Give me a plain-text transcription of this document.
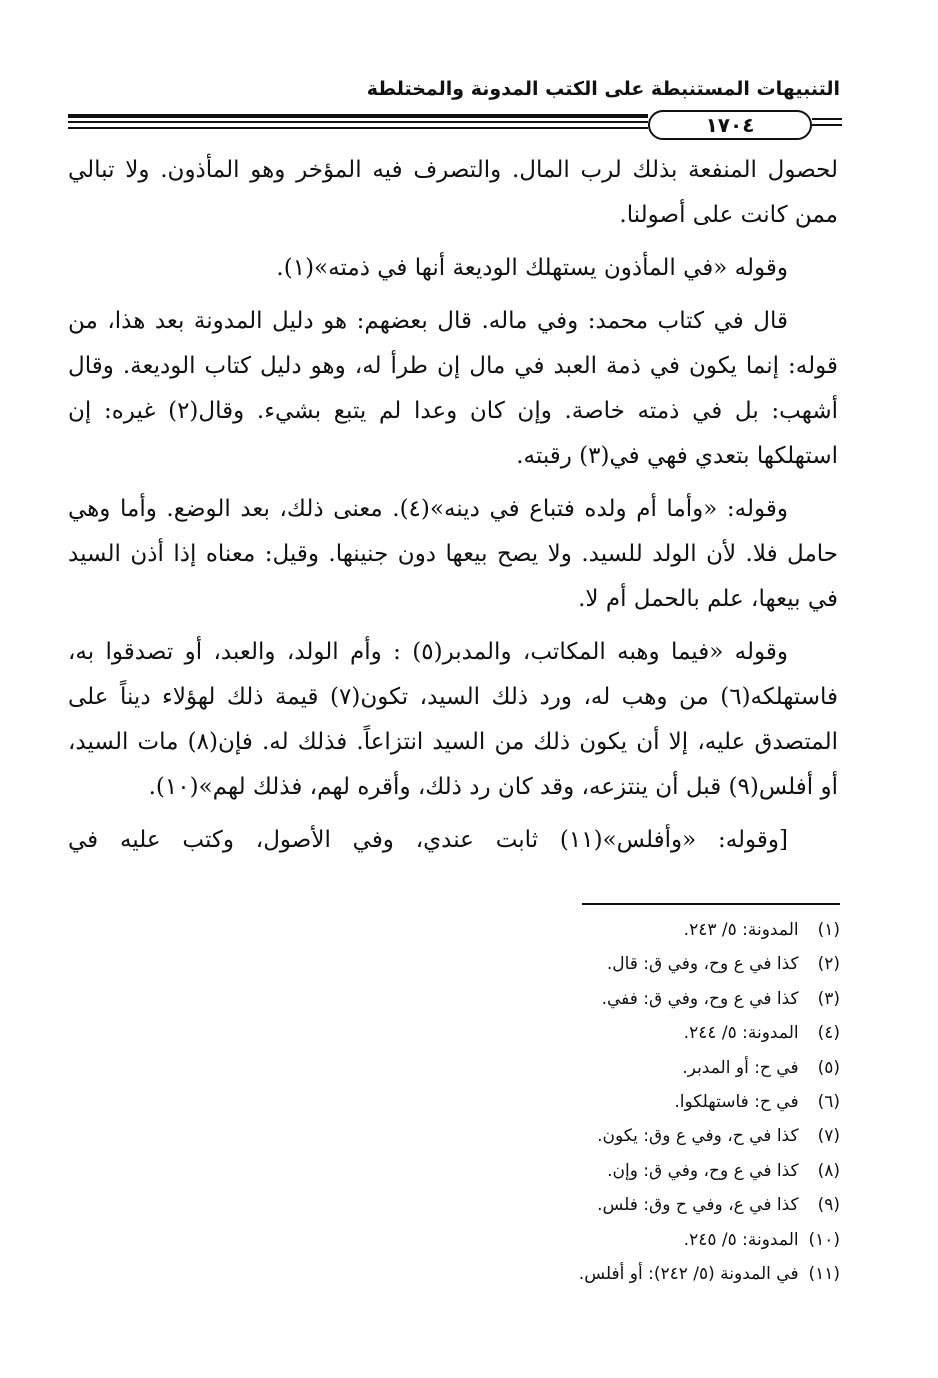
التنبيهات المستنبطة على الكتب المدونة والمختلطة
١٧٠٤

لحصول المنفعة بذلك لرب المال. والتصرف فيه المؤخر وهو المأذون. ولا تبالي ممن كانت على أصولنا.

وقوله «في المأذون يستهلك الوديعة أنها في ذمته»(١).

قال في كتاب محمد: وفي ماله. قال بعضهم: هو دليل المدونة بعد هذا، من قوله: إنما يكون في ذمة العبد في مال إن طرأ له، وهو دليل كتاب الوديعة. وقال أشهب: بل في ذمته خاصة. وإن كان وعدا لم يتبع بشيء. وقال(٢) غيره: إن استهلكها بتعدي فهي في(٣) رقبته.

وقوله: «وأما أم ولده فتباع في دينه»(٤). معنى ذلك، بعد الوضع. وأما وهي حامل فلا. لأن الولد للسيد. ولا يصح بيعها دون جنينها. وقيل: معناه إذا أذن السيد في بيعها، علم بالحمل أم لا.

وقوله «فيما وهبه المكاتب، والمدبر(٥) : وأم الولد، والعبد، أو تصدقوا به، فاستهلكه(٦) من وهب له، ورد ذلك السيد، تكون(٧) قيمة ذلك لهؤلاء ديناً على المتصدق عليه، إلا أن يكون ذلك من السيد انتزاعاً. فذلك له. فإن(٨) مات السيد، أو أفلس(٩) قبل أن ينتزعه، وقد كان رد ذلك، وأقره لهم، فذلك لهم»(١٠).

[وقوله: «وأفلس»(١١) ثابت عندي، وفي الأصول، وكتب عليه في

(١) المدونة: ٥/ ٢٤٣.
(٢) كذا في ع وح، وفي ق: قال.
(٣) كذا في ع وح، وفي ق: ففي.
(٤) المدونة: ٥/ ٢٤٤.
(٥) في ح: أو المدبر.
(٦) في ح: فاستهلكوا.
(٧) كذا في ح، وفي ع وق: يكون.
(٨) كذا في ع وح، وفي ق: وإن.
(٩) كذا في ع، وفي ح وق: فلس.
(١٠) المدونة: ٥/ ٢٤٥.
(١١) في المدونة (٥/ ٢٤٢): أو أفلس.
